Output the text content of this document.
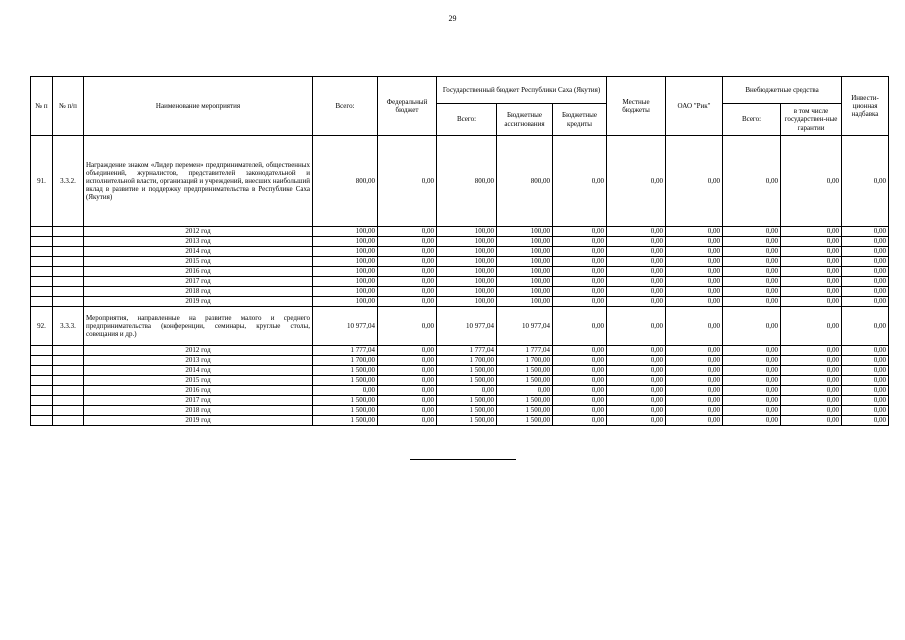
29
№ п	№ п/п	Наименование мероприятия	Всего:	Федеральный бюджет	Государственный бюджет Республики Саха (Якутия)			Местные бюджеты	ОАО "Рик"	Внебюджетные средства		Инвести-ционная надбавка
					Всего:	Бюджетные ассигнования	Бюджетные кредиты			Всего:	в том числе государствен-ные гарантии	
91.	3.3.2.	Награждение знаком «Лидер перемен» предпринимателей, общественных объединений, журналистов, представителей законодательной и исполнительной власти, организаций и учреждений, внесших наибольший вклад в развитие и поддержку предпринимательства в Республике Саха (Якутия)	800,00	0,00	800,00	800,00	0,00	0,00	0,00	0,00	0,00	0,00
		2012 год	100,00	0,00	100,00	100,00	0,00	0,00	0,00	0,00	0,00	0,00
		2013 год	100,00	0,00	100,00	100,00	0,00	0,00	0,00	0,00	0,00	0,00
		2014 год	100,00	0,00	100,00	100,00	0,00	0,00	0,00	0,00	0,00	0,00
		2015 год	100,00	0,00	100,00	100,00	0,00	0,00	0,00	0,00	0,00	0,00
		2016 год	100,00	0,00	100,00	100,00	0,00	0,00	0,00	0,00	0,00	0,00
		2017 год	100,00	0,00	100,00	100,00	0,00	0,00	0,00	0,00	0,00	0,00
		2018 год	100,00	0,00	100,00	100,00	0,00	0,00	0,00	0,00	0,00	0,00
		2019 год	100,00	0,00	100,00	100,00	0,00	0,00	0,00	0,00	0,00	0,00
92.	3.3.3.	Мероприятия, направленные на развитие малого и среднего предпринимательства (конференции, семинары, круглые столы, совещания и др.)	10 977,04	0,00	10 977,04	10 977,04	0,00	0,00	0,00	0,00	0,00	0,00
		2012 год	1 777,04	0,00	1 777,04	1 777,04	0,00	0,00	0,00	0,00	0,00	0,00
		2013 год	1 700,00	0,00	1 700,00	1 700,00	0,00	0,00	0,00	0,00	0,00	0,00
		2014 год	1 500,00	0,00	1 500,00	1 500,00	0,00	0,00	0,00	0,00	0,00	0,00
		2015 год	1 500,00	0,00	1 500,00	1 500,00	0,00	0,00	0,00	0,00	0,00	0,00
		2016 год	0,00	0,00	0,00	0,00	0,00	0,00	0,00	0,00	0,00	0,00
		2017 год	1 500,00	0,00	1 500,00	1 500,00	0,00	0,00	0,00	0,00	0,00	0,00
		2018 год	1 500,00	0,00	1 500,00	1 500,00	0,00	0,00	0,00	0,00	0,00	0,00
		2019 год	1 500,00	0,00	1 500,00	1 500,00	0,00	0,00	0,00	0,00	0,00	0,00
